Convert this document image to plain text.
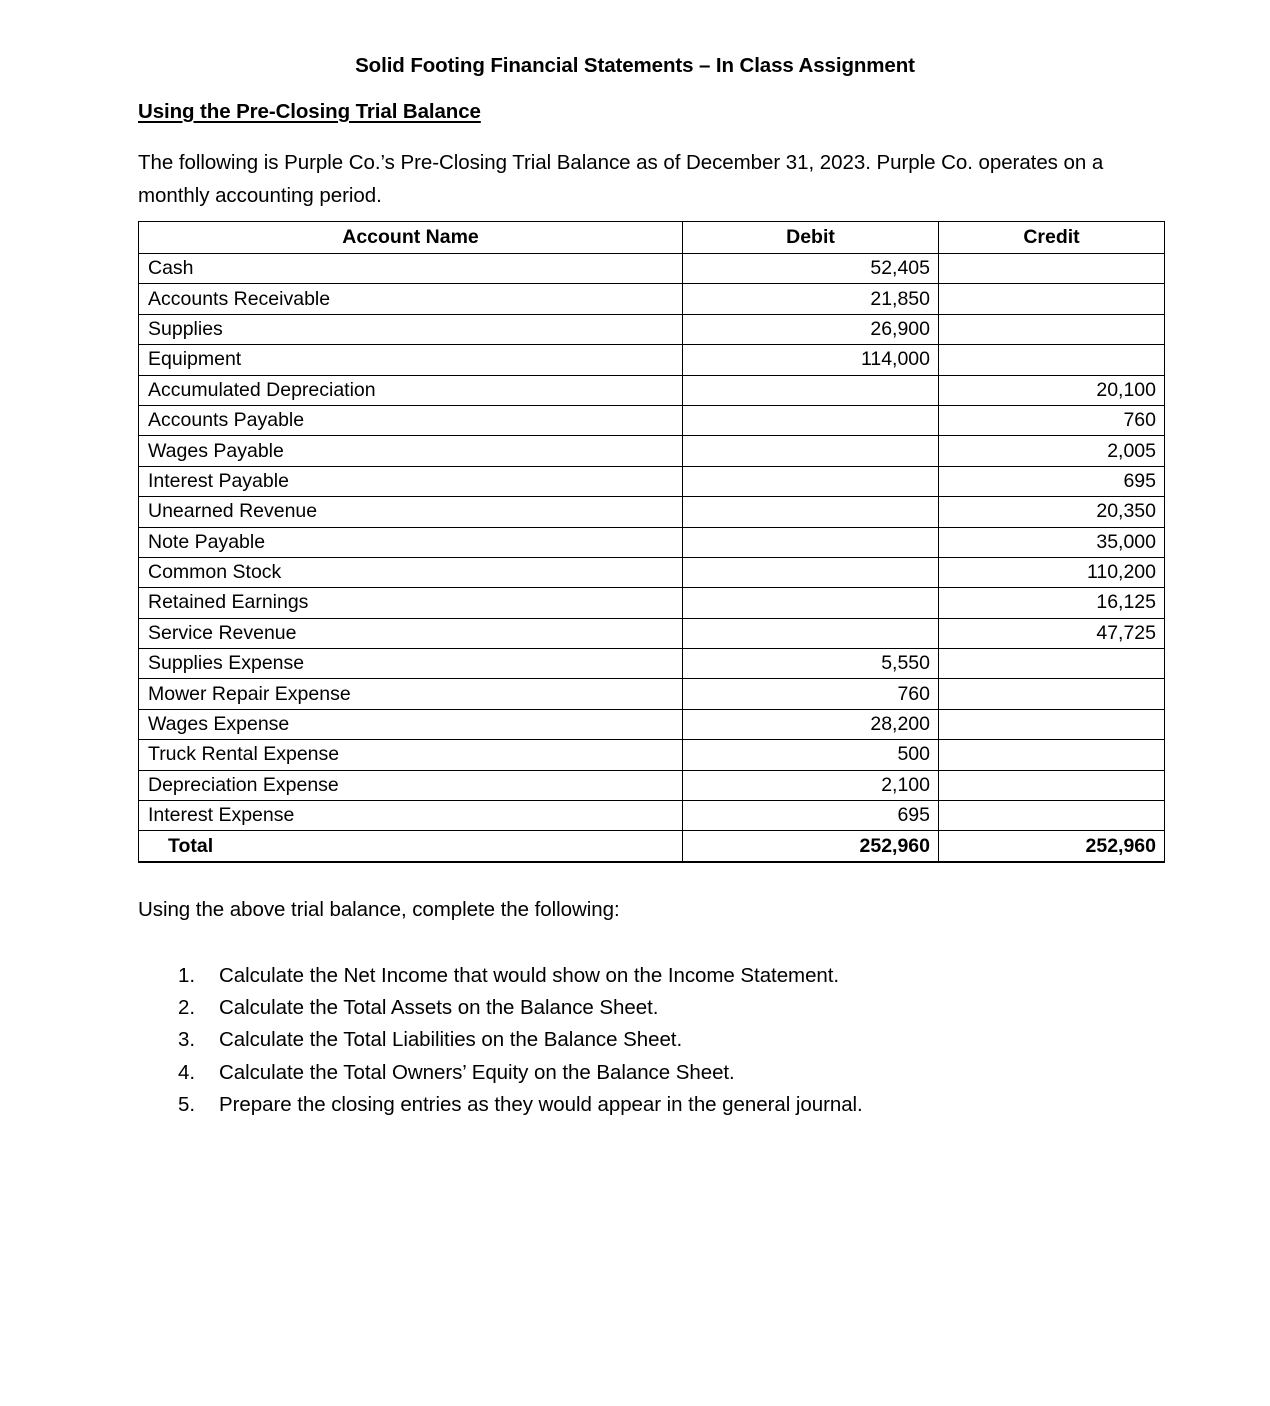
Solid Footing Financial Statements – In Class Assignment
Using the Pre-Closing Trial Balance
The following is Purple Co.’s Pre-Closing Trial Balance as of December 31, 2023. Purple Co. operates on a monthly accounting period.
Account Name	Debit	Credit
Cash	52,405	
Accounts Receivable	21,850	
Supplies	26,900	
Equipment	114,000	
Accumulated Depreciation		20,100
Accounts Payable		760
Wages Payable		2,005
Interest Payable		695
Unearned Revenue		20,350
Note Payable		35,000
Common Stock		110,200
Retained Earnings		16,125
Service Revenue		47,725
Supplies Expense	5,550	
Mower Repair Expense	760	
Wages Expense	28,200	
Truck Rental Expense	500	
Depreciation Expense	2,100	
Interest Expense	695	
Total	252,960	252,960
Using the above trial balance, complete the following:
1.	Calculate the Net Income that would show on the Income Statement.
2.	Calculate the Total Assets on the Balance Sheet.
3.	Calculate the Total Liabilities on the Balance Sheet.
4.	Calculate the Total Owners’ Equity on the Balance Sheet.
5.	Prepare the closing entries as they would appear in the general journal.
